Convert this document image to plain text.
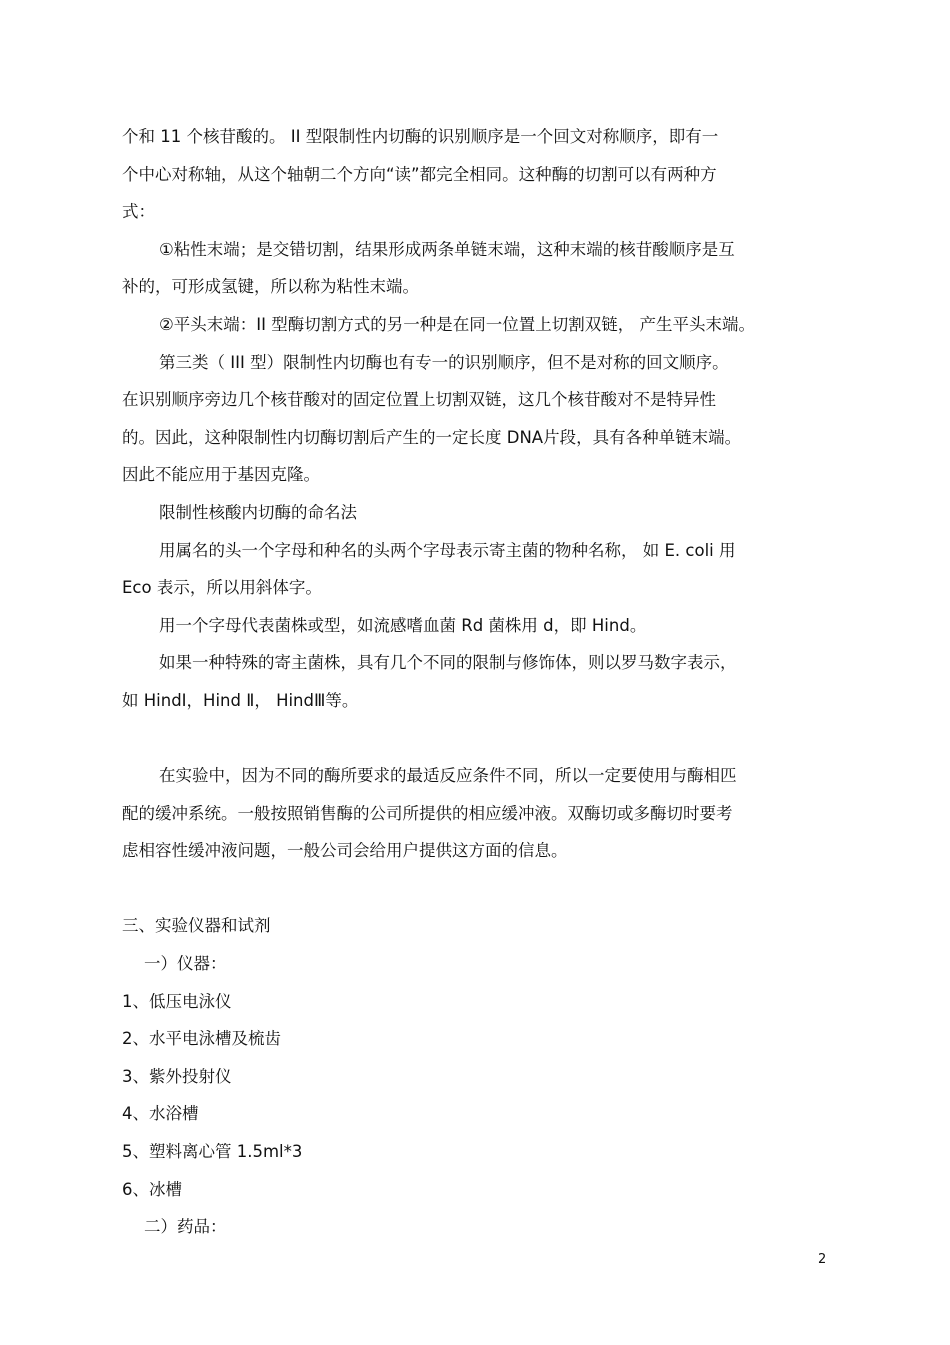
个和 11 个核苷酸的。 II 型限制性内切酶的识别顺序是一个回文对称顺序，即有一
个中心对称轴，从这个轴朝二个方向“读”都完全相同。这种酶的切割可以有两种方
式：
①粘性末端；是交错切割，结果形成两条单链末端，这种末端的核苷酸顺序是互
补的，可形成氢键，所以称为粘性末端。
②平头末端：II 型酶切割方式的另一种是在同一位置上切割双链， 产生平头末端。
第三类（ III 型）限制性内切酶也有专一的识别顺序，但不是对称的回文顺序。
在识别顺序旁边几个核苷酸对的固定位置上切割双链，这几个核苷酸对不是特异性
的。因此，这种限制性内切酶切割后产生的一定长度 DNA片段，具有各种单链末端。
因此不能应用于基因克隆。
限制性核酸内切酶的命名法
用属名的头一个字母和种名的头两个字母表示寄主菌的物种名称， 如 E. coli 用
Eco 表示，所以用斜体字。
用一个字母代表菌株或型，如流感嗜血菌 Rd 菌株用 d，即 Hind。
如果一种特殊的寄主菌株，具有几个不同的限制与修饰体，则以罗马数字表示，
如 HindⅠ，Hind Ⅱ， HindⅢ等。
在实验中，因为不同的酶所要求的最适反应条件不同，所以一定要使用与酶相匹
配的缓冲系统。一般按照销售酶的公司所提供的相应缓冲液。双酶切或多酶切时要考
虑相容性缓冲液问题，一般公司会给用户提供这方面的信息。
三、实验仪器和试剂
一）仪器：
1、低压电泳仪
2、水平电泳槽及梳齿
3、紫外投射仪
4、水浴槽
5、塑料离心管 1.5ml*3
6、冰槽
二）药品：
2
